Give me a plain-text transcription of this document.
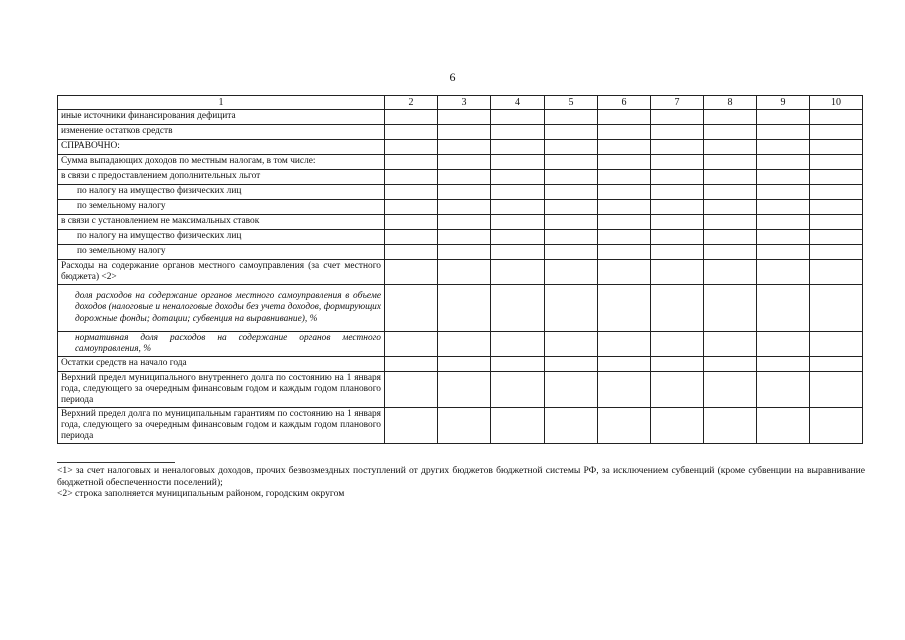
6
1	2	3	4	5	6	7	8	9	10
иные источники финансирования дефицита									
изменение остатков средств									
СПРАВОЧНО:									
Сумма выпадающих доходов по местным налогам, в том числе:									
в связи с предоставлением дополнительных льгот									
по налогу на имущество физических лиц									
по земельному налогу									
в связи с установлением не максимальных ставок									
по налогу на имущество физических лиц									
по земельному налогу									
Расходы на содержание органов местного самоуправления (за счет местного бюджета) <2>									
доля расходов на содержание органов местного самоуправления в объеме доходов (налоговые и неналоговые доходы без учета доходов, формирующих дорожные фонды; дотации; субвенция на выравнивание), %									
нормативная доля расходов на содержание органов местного самоуправления, %									
Остатки средств на начало года									
Верхний предел муниципального внутреннего долга по состоянию на 1 января года, следующего за очередным финансовым годом и каждым годом планового периода									
Верхний предел долга по муниципальным гарантиям по состоянию на 1 января года, следующего за очередным финансовым годом и каждым годом планового периода									

<1> за счет налоговых и неналоговых доходов, прочих безвозмездных поступлений от других бюджетов бюджетной системы РФ, за исключением субвенций (кроме субвенции на выравнивание бюджетной обеспеченности поселений);

<2> строка заполняется муниципальным районом, городским округом
